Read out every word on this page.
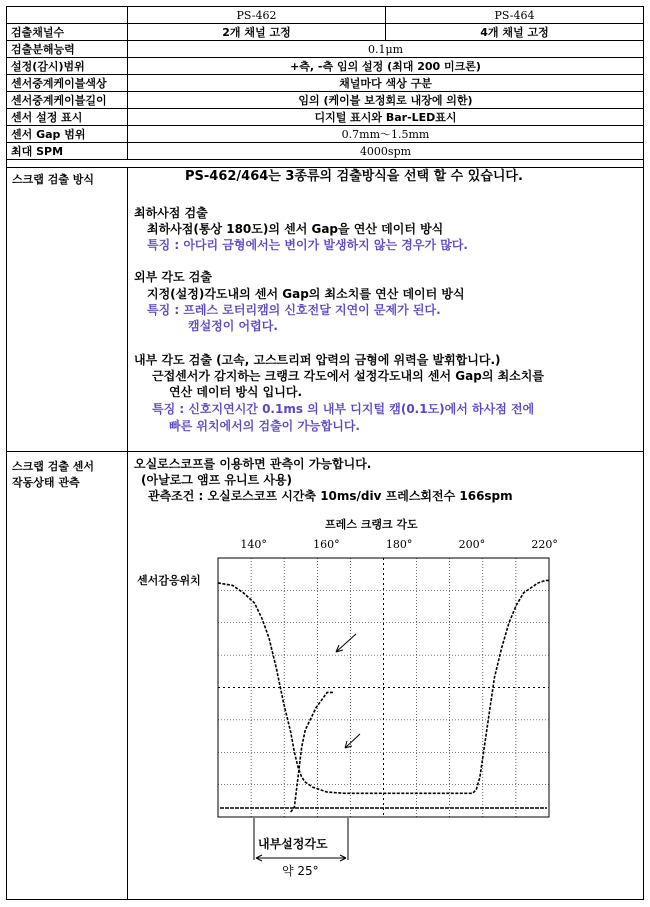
	PS-462	PS-464
검출채널수	2개 채널 고정	4개 채널 고정
검출분해능력	0.1μm	
설정(감시)범위	+측, -측 임의 설정 (최대 200 미크론)	
센서중계케이블색상	채널마다 색상 구분	
센서중계케이블길이	임의 (케이블 보정회로 내장에 의한)	
센서 설정 표시	디지털 표시와 Bar-LED표시	
센서 Gap 범위	0.7mm～1.5mm	
최대 SPM	4000spm	
스크랩 검출 방식	PS-462/464는 3종류의 검출방식을 선택 할 수 있습니다.
최하사점 검출
최하사점(통상 180도)의 센서 Gap을 연산 데이터 방식
특징 : 아다리 금형에서는 변이가 발생하지 않는 경우가 많다.
외부 각도 검출
지정(설정)각도내의 센서 Gap의 최소치를 연산 데이터 방식
특징 : 프레스 로터리캠의 신호전달 지연이 문제가 된다.
캠설정이 어렵다.
내부 각도 검출 (고속, 고스트리퍼 압력의 금형에 위력을 발휘합니다.)
근접센서가 감지하는 크랭크 각도에서 설정각도내의 센서 Gap의 최소치를
연산 데이터 방식 입니다.
특징 : 신호지연시간 0.1ms 의 내부 디지털 캠(0.1도)에서 하사점 전에
빠른 위치에서의 검출이 가능합니다.
스크랩 검출 센서
작동상태 관측
오실로스코프를 이용하면 관측이 가능합니다.
(아날로그 앰프 유니트 사용)
관측조건 : 오실로스코프 시간축 10ms/div 프레스회전수 166spm
프레스 크랭크 각도
센서감응위치
내부설정각도
약 25°
140°	160°	180°	200°	220°
